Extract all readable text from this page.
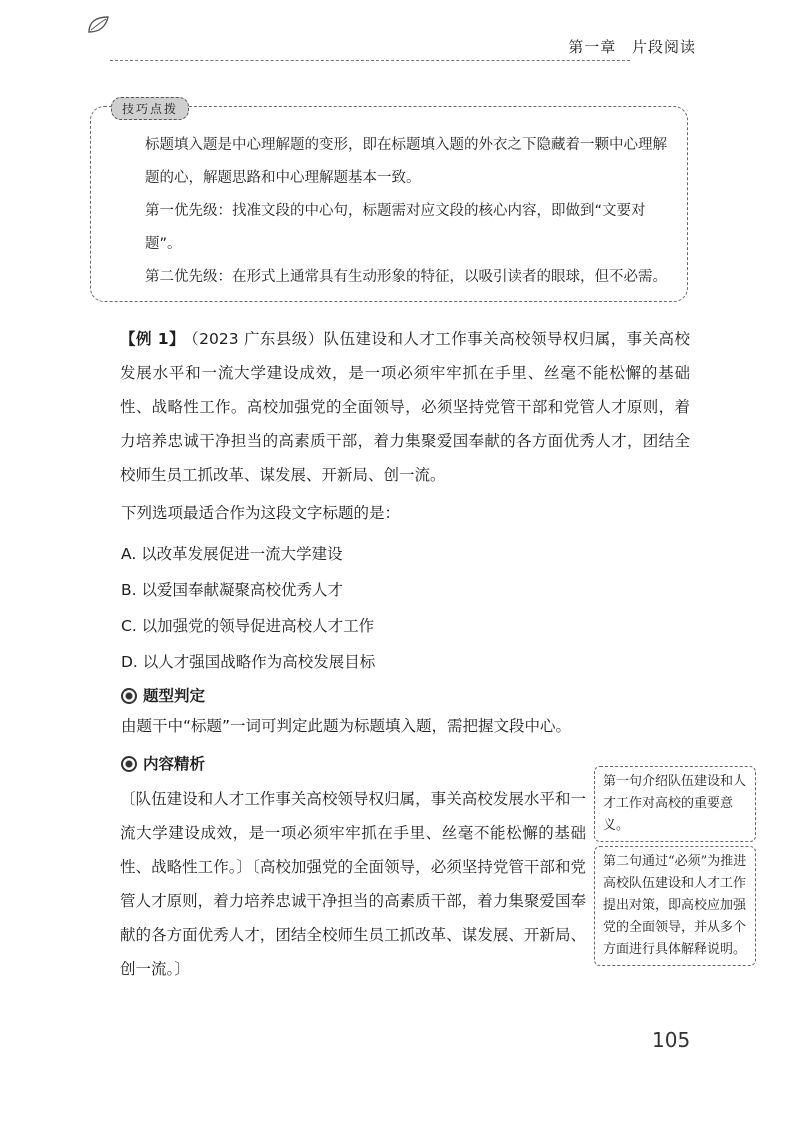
第一章 片段阅读
技巧点拨

标题填入题是中心理解题的变形，即在标题填入题的外衣之下隐藏着一颗中心理解题的心，解题思路和中心理解题基本一致。

第一优先级：找准文段的中心句，标题需对应文段的核心内容，即做到“文要对题”。

第二优先级：在形式上通常具有生动形象的特征，以吸引读者的眼球，但不必需。

【例 1】 （2023 广东县级）队伍建设和人才工作事关高校领导权归属，事关高校发展水平和一流大学建设成效，是一项必须牢牢抓在手里、丝毫不能松懈的基础性、战略性工作。高校加强党的全面领导，必须坚持党管干部和党管人才原则，着力培养忠诚干净担当的高素质干部，着力集聚爱国奉献的各方面优秀人才，团结全校师生员工抓改革、谋发展、开新局、创一流。
下列选项最适合作为这段文字标题的是：
A. 以改革发展促进一流大学建设
B. 以爱国奉献凝聚高校优秀人才
C. 以加强党的领导促进高校人才工作
D. 以人才强国战略作为高校发展目标
题型判定
由题干中“标题”一词可判定此题为标题填入题，需把握文段中心。
内容精析
〔队伍建设和人才工作事关高校领导权归属，事关高校发展水平和一流大学建设成效，是一项必须牢牢抓在手里、丝毫不能松懈的基础性、战略性工作。〕〔高校加强党的全面领导，必须坚持党管干部和党管人才原则，着力培养忠诚干净担当的高素质干部，着力集聚爱国奉献的各方面优秀人才，团结全校师生员工抓改革、谋发展、开新局、创一流。〕
第一句介绍队伍建设和人才工作对高校的重要意义。
第二句通过“必须”为推进高校队伍建设和人才工作提出对策，即高校应加强党的全面领导，并从多个方面进行具体解释说明。
105
